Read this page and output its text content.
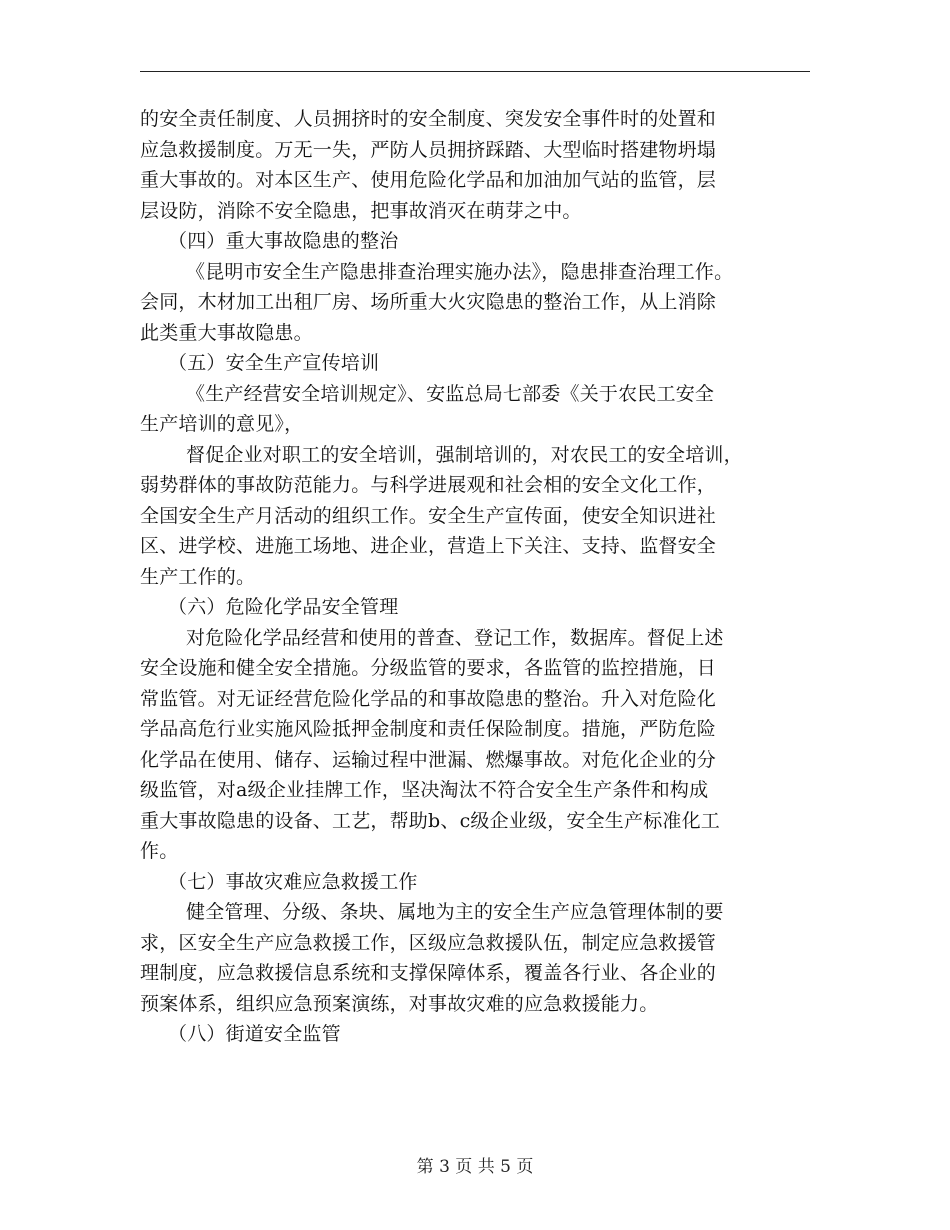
的安全责任制度、人员拥挤时的安全制度、突发安全事件时的处置和
应急救援制度。万无一失，严防人员拥挤踩踏、大型临时搭建物坍塌
重大事故的。对本区生产、使用危险化学品和加油加气站的监管，层
层设防，消除不安全隐患，把事故消灭在萌芽之中。
（四）重大事故隐患的整治
《昆明市安全生产隐患排查治理实施办法》，隐患排查治理工作。
会同，木材加工出租厂房、场所重大火灾隐患的整治工作，从上消除
此类重大事故隐患。
（五）安全生产宣传培训
《生产经营安全培训规定》、安监总局七部委《关于农民工安全
生产培训的意见》，
督促企业对职工的安全培训，强制培训的，对农民工的安全培训，
弱势群体的事故防范能力。与科学进展观和社会相的安全文化工作，
全国安全生产月活动的组织工作。安全生产宣传面，使安全知识进社
区、进学校、进施工场地、进企业，营造上下关注、支持、监督安全
生产工作的。
（六）危险化学品安全管理
对危险化学品经营和使用的普查、登记工作，数据库。督促上述
安全设施和健全安全措施。分级监管的要求，各监管的监控措施，日
常监管。对无证经营危险化学品的和事故隐患的整治。升入对危险化
学品高危行业实施风险抵押金制度和责任保险制度。措施，严防危险
化学品在使用、储存、运输过程中泄漏、燃爆事故。对危化企业的分
级监管，对a级企业挂牌工作，坚决淘汰不符合安全生产条件和构成
重大事故隐患的设备、工艺，帮助b、c级企业级，安全生产标准化工
作。
（七）事故灾难应急救援工作
健全管理、分级、条块、属地为主的安全生产应急管理体制的要
求，区安全生产应急救援工作，区级应急救援队伍，制定应急救援管
理制度，应急救援信息系统和支撑保障体系，覆盖各行业、各企业的
预案体系，组织应急预案演练，对事故灾难的应急救援能力。
（八）街道安全监管
第 3 页 共 5 页
